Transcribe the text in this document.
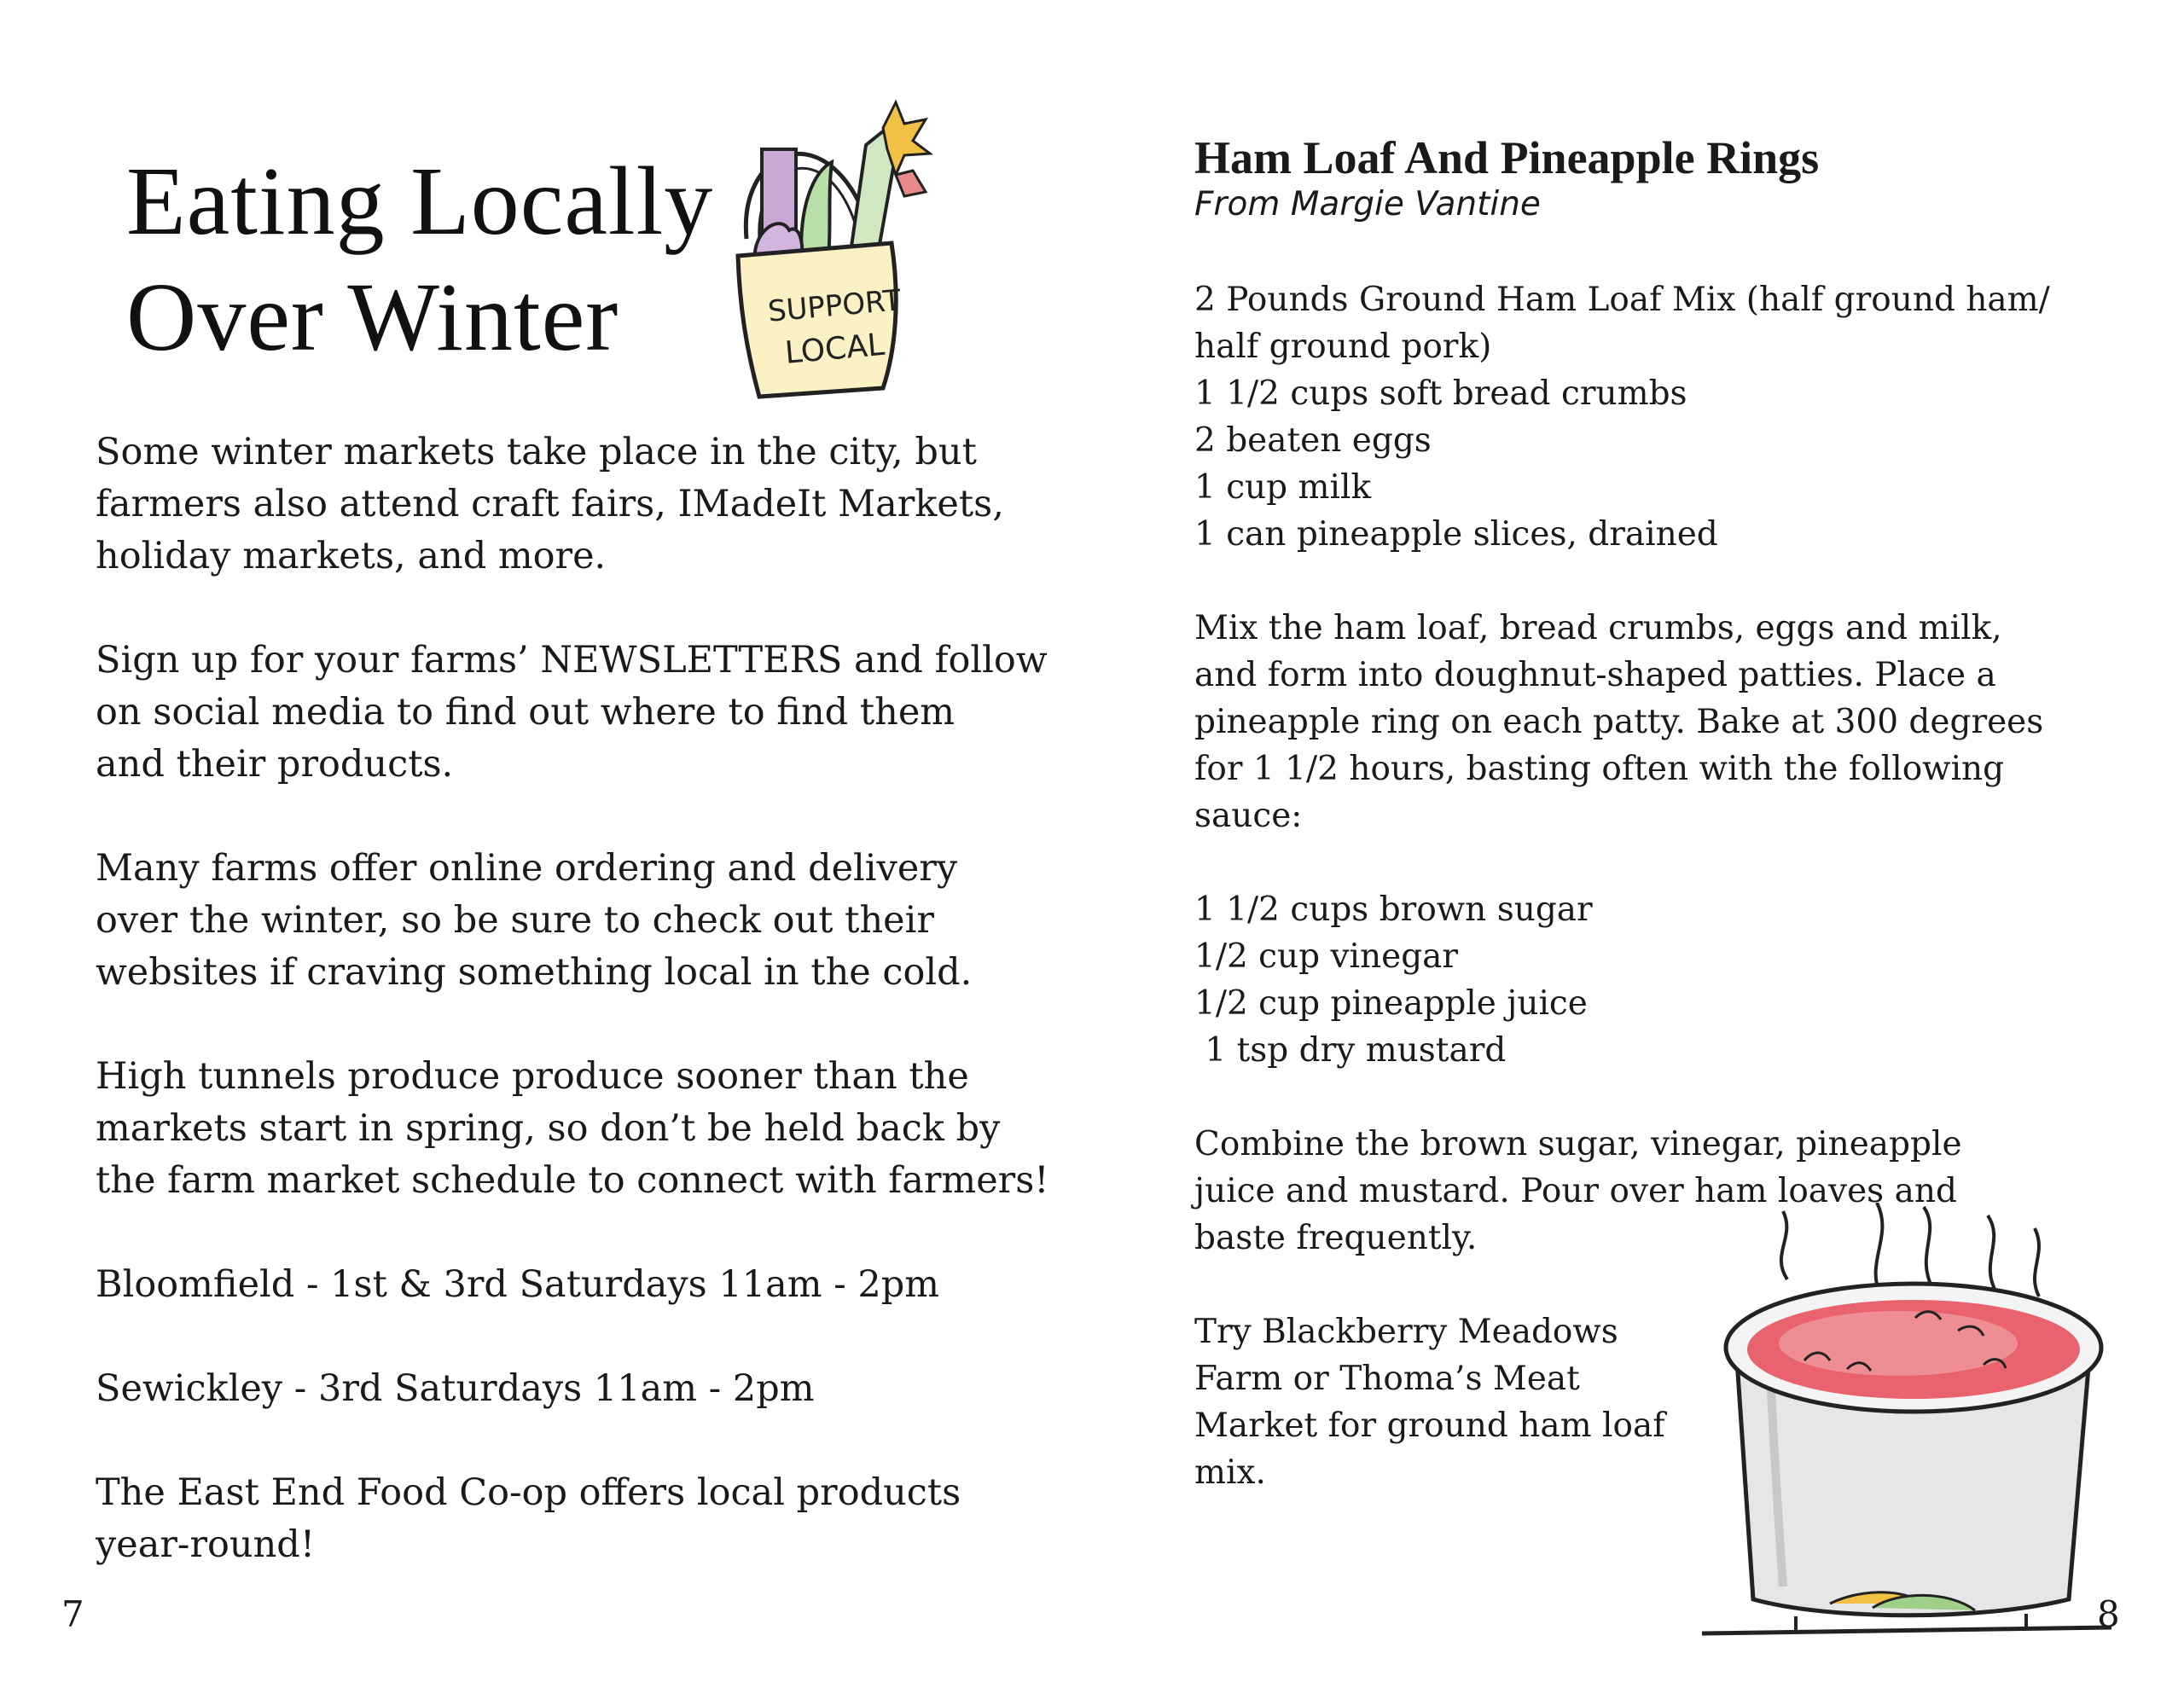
Eating Locally
Over Winter	SUPPORT
LOCAL

Some winter markets take place in the city, but
farmers also attend craft fairs, IMadeIt Markets,
holiday markets, and more.

Sign up for your farms’ NEWSLETTERS and follow
on social media to find out where to find them
and their products.

Many farms offer online ordering and delivery
over the winter, so be sure to check out their
websites if craving something local in the cold.

High tunnels produce produce sooner than the
markets start in spring, so don’t be held back by
the farm market schedule to connect with farmers!

Bloomfield - 1st & 3rd Saturdays 11am - 2pm

Sewickley - 3rd Saturdays 11am - 2pm

The East End Food Co-op offers local products
year-round!

7
Ham Loaf And Pineapple Rings
From Margie Vantine
2 Pounds Ground Ham Loaf Mix (half ground ham/
half ground pork)
1 1/2 cups soft bread crumbs
2 beaten eggs
1 cup milk
1 can pineapple slices, drained

Mix the ham loaf, bread crumbs, eggs and milk,
and form into doughnut-shaped patties. Place a
pineapple ring on each patty. Bake at 300 degrees
for 1 1/2 hours, basting often with the following
sauce:

1 1/2 cups brown sugar
1/2 cup vinegar
1/2 cup pineapple juice
1 tsp dry mustard

Combine the brown sugar, vinegar, pineapple
juice and mustard. Pour over ham loaves and
baste frequently.

Try Blackberry Meadows
Farm or Thoma’s Meat
Market for ground ham loaf
mix.

8
